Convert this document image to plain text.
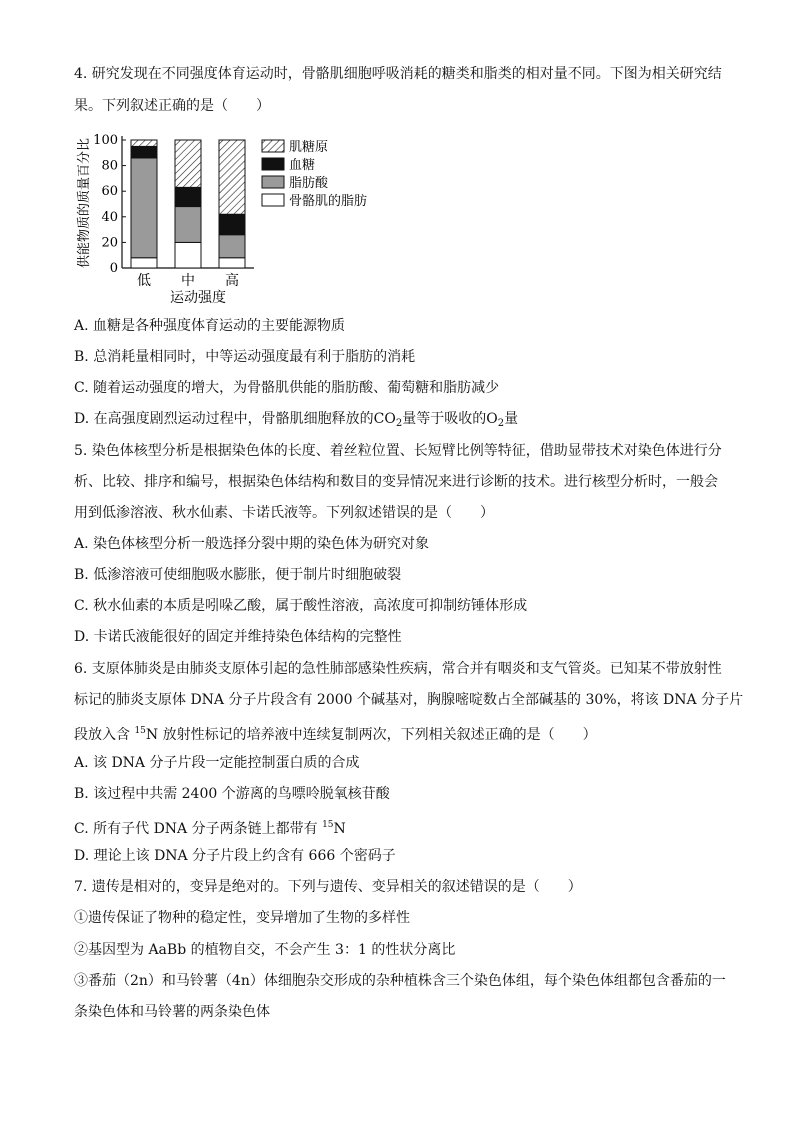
4. 研究发现在不同强度体育运动时，骨骼肌细胞呼吸消耗的糖类和脂类的相对量不同。下图为相关研究结
果。下列叙述正确的是（　　）
0
20
40
60
80
100
低 中 高
肌糖原
血糖
脂肪酸
骨骼肌的脂肪
供能物质的质量百分比
运动强度
A. 血糖是各种强度体育运动的主要能源物质
B. 总消耗量相同时，中等运动强度最有利于脂肪的消耗
C. 随着运动强度的增大，为骨骼肌供能的脂肪酸、葡萄糖和脂肪减少
D. 在高强度剧烈运动过程中，骨骼肌细胞释放的$CO_2$量等于吸收的$O_2$量
5. 染色体核型分析是根据染色体的长度、着丝粒位置、长短臂比例等特征，借助显带技术对染色体进行分
析、比较、排序和编号，根据染色体结构和数目的变异情况来进行诊断的技术。进行核型分析时，一般会
用到低渗溶液、秋水仙素、卡诺氏液等。下列叙述错误的是（　　）
A. 染色体核型分析一般选择分裂中期的染色体为研究对象
B. 低渗溶液可使细胞吸水膨胀，便于制片时细胞破裂
C. 秋水仙素的本质是吲哚乙酸，属于酸性溶液，高浓度可抑制纺锤体形成
D. 卡诺氏液能很好的固定并维持染色体结构的完整性
6. 支原体肺炎是由肺炎支原体引起的急性肺部感染性疾病，常合并有咽炎和支气管炎。已知某不带放射性
标记的肺炎支原体 DNA 分子片段含有 2000 个碱基对，胸腺嘧啶数占全部碱基的 30%，将该 DNA 分子片
段放入含 $^{15}$N 放射性标记的培养液中连续复制两次，下列相关叙述正确的是（　　）
A. 该 DNA 分子片段一定能控制蛋白质的合成
B. 该过程中共需 2400 个游离的鸟嘌呤脱氧核苷酸
C. 所有子代 DNA 分子两条链上都带有 $^{15}$N
D. 理论上该 DNA 分子片段上约含有 666 个密码子
7. 遗传是相对的，变异是绝对的。下列与遗传、变异相关的叙述错误的是（　　）
①遗传保证了物种的稳定性，变异增加了生物的多样性
②基因型为 AaBb 的植物自交，不会产生 3：1 的性状分离比
③番茄（2n）和马铃薯（4n）体细胞杂交形成的杂种植株含三个染色体组，每个染色体组都包含番茄的一
条染色体和马铃薯的两条染色体
